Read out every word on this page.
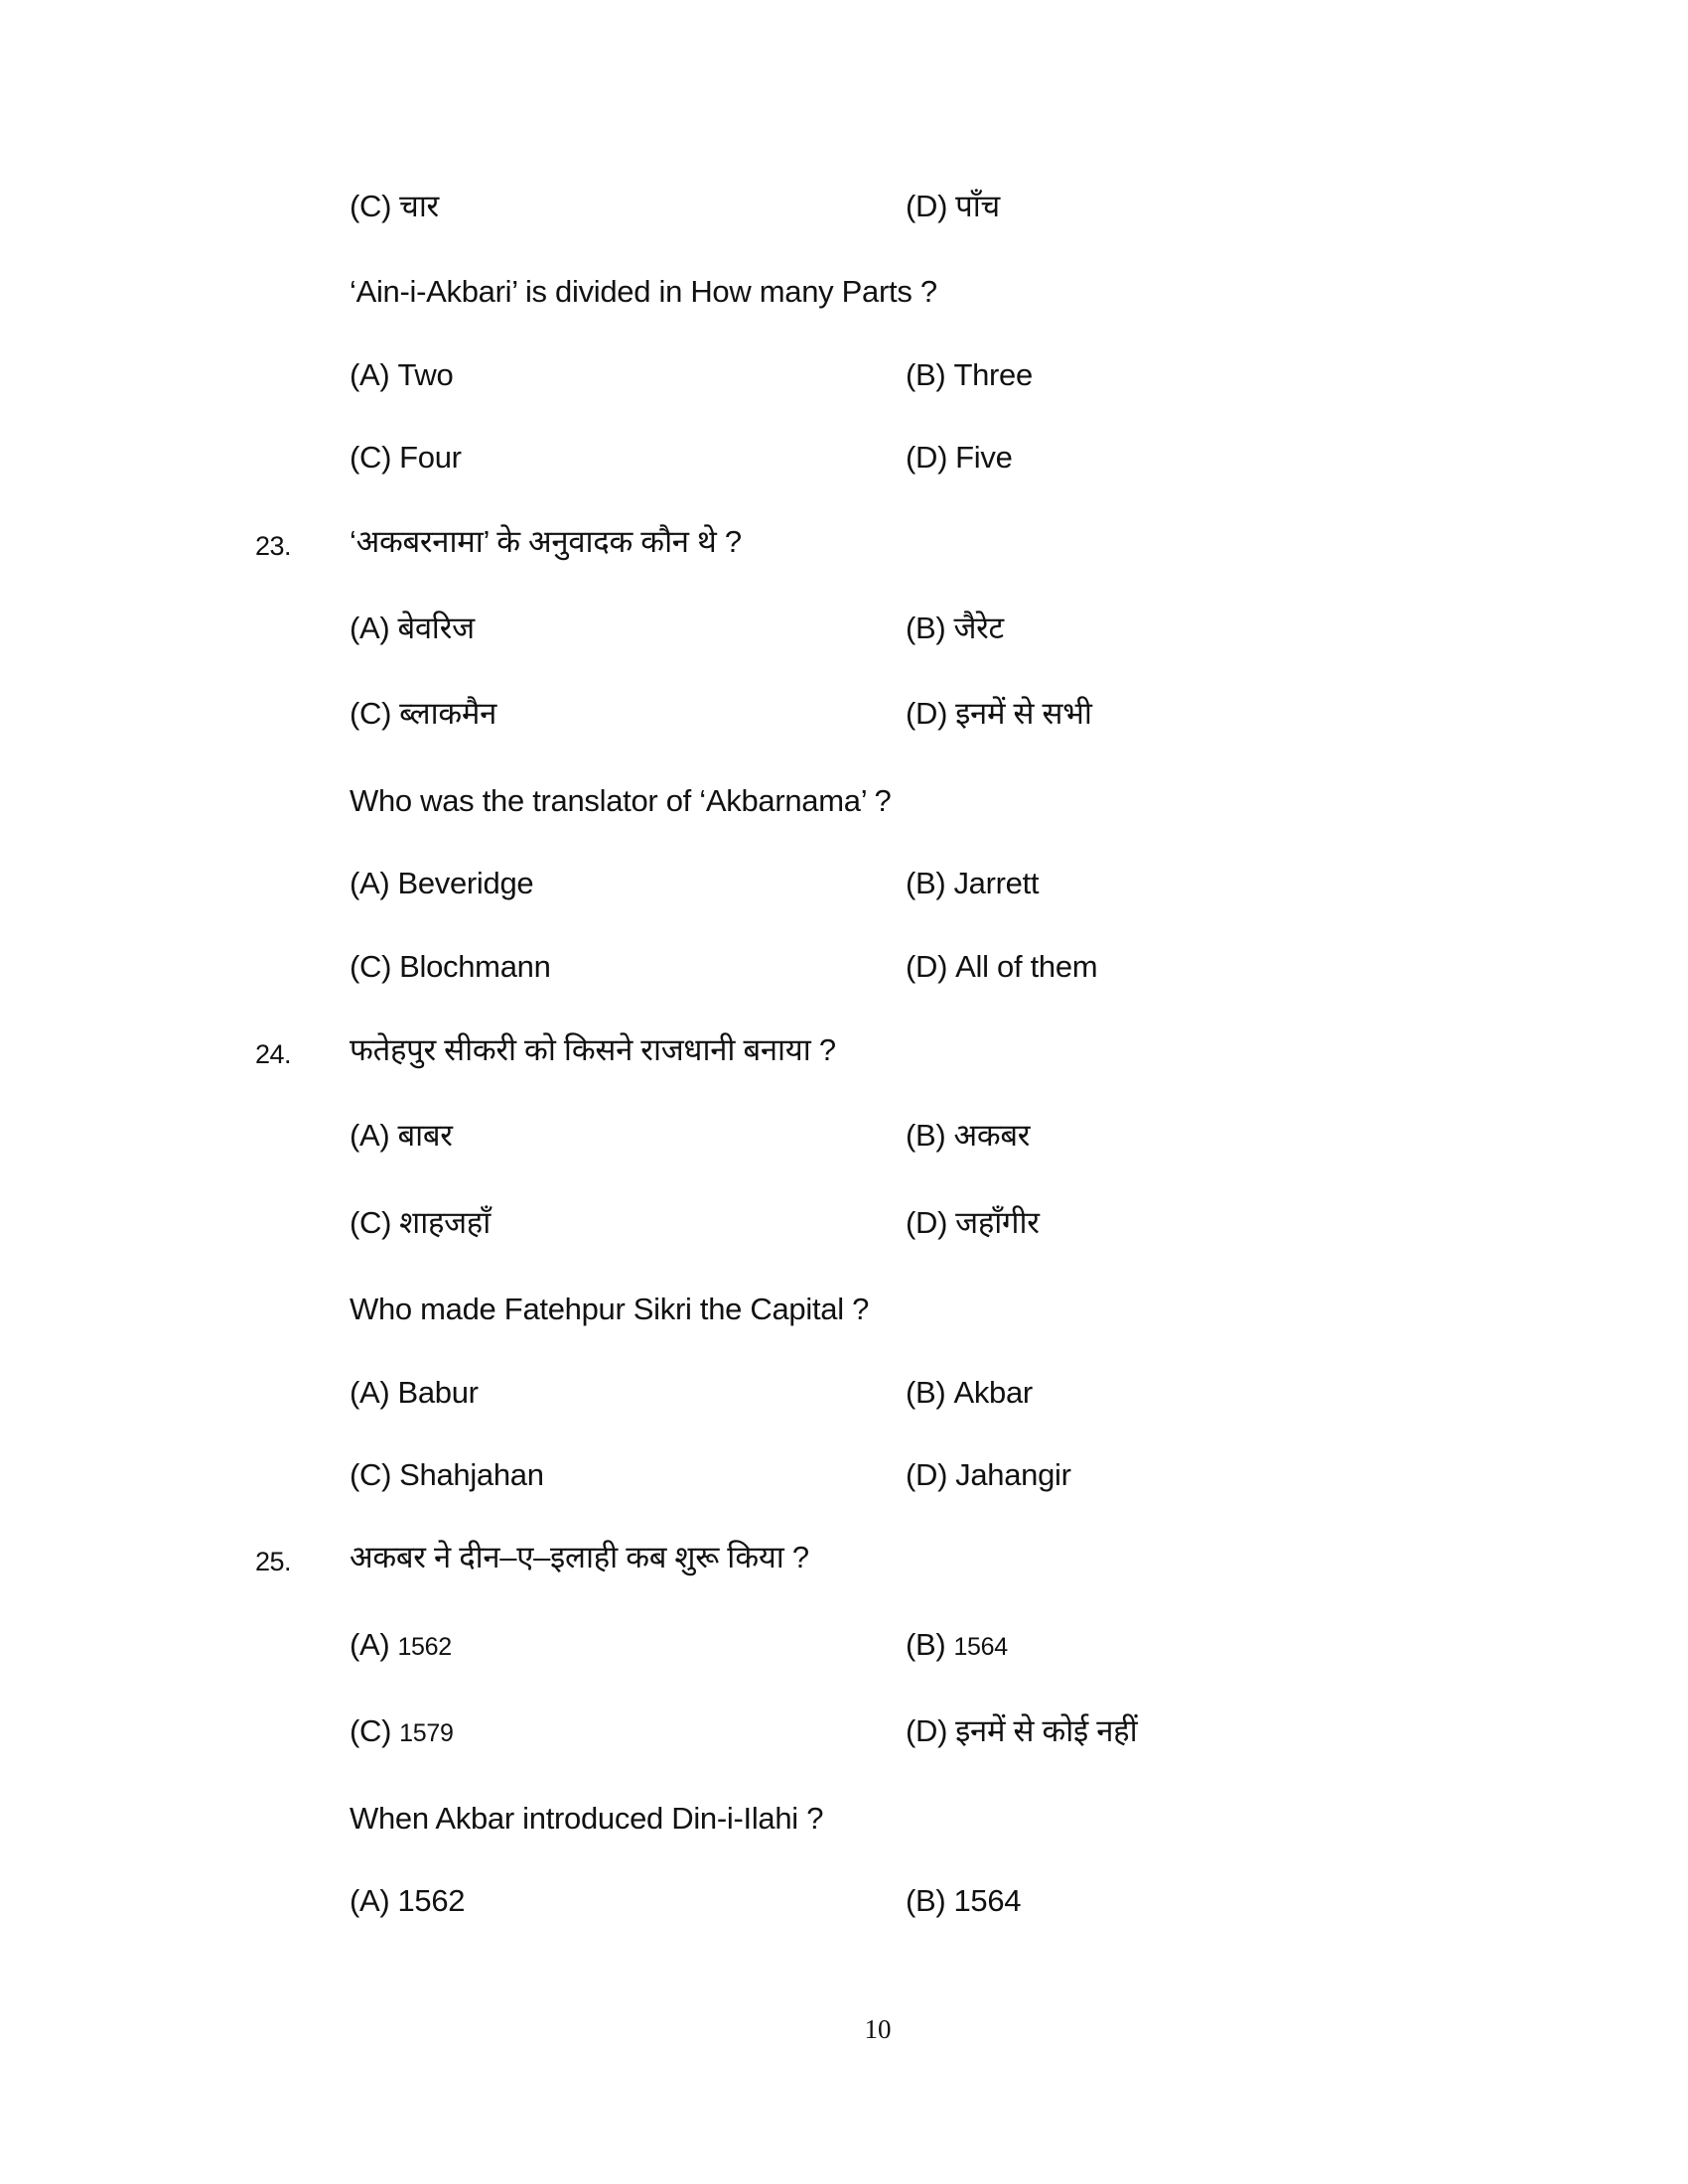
(C) चार	(D) पाँच
‘Ain-i-Akbari’ is divided in How many Parts ?
(A) Two	(B) Three
(C) Four	(D) Five
23. ‘अकबरनामा’ के अनुवादक कौन थे ?
(A) बेवरिज	(B) जैरेट
(C) ब्लाकमैन	(D) इनमें से सभी
Who was the translator of ‘Akbarnama’ ?
(A) Beveridge	(B) Jarrett
(C) Blochmann	(D) All of them
24. फतेहपुर सीकरी को किसने राजधानी बनाया ?
(A) बाबर	(B) अकबर
(C) शाहजहाँ	(D) जहाँगीर
Who made Fatehpur Sikri the Capital ?
(A) Babur	(B) Akbar
(C) Shahjahan	(D) Jahangir
25. अकबर ने दीन–ए–इलाही कब शुरू किया ?
(A) 1562	(B) 1564
(C) 1579	(D) इनमें से कोई नहीं
When Akbar introduced Din-i-Ilahi ?
(A) 1562	(B) 1564
10
